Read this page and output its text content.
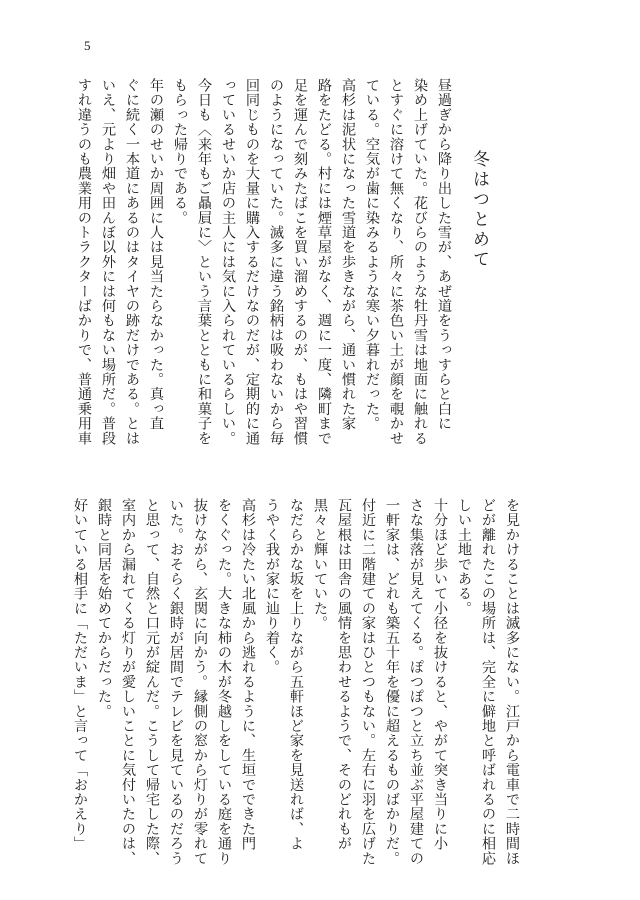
5
冬はつとめて

昼過ぎから降り出した雪が、あぜ道をうっすらと白に

染め上げていた。花びらのような牡丹雪は地面に触れる

とすぐに溶けて無くなり、所々に茶色い土が顔を覗かせ

ている。空気が歯に染みるような寒い夕暮れだった。

高杉は泥状になった雪道を歩きながら、通い慣れた家

路をたどる。村には煙草屋がなく、週に一度、隣町まで

足を運んで刻みたばこを買い溜めするのが、もはや習慣

のようになっていた。滅多に違う銘柄は吸わないから毎

回同じものを大量に購入するだけなのだが、定期的に通

っているせいか店の主人には気に入られているらしい。

今日も〈来年もご贔屓に〉という言葉とともに和菓子を

もらった帰りである。

年の瀬のせいか周囲に人は見当たらなかった。真っ直

ぐに続く一本道にあるのはタイヤの跡だけである。とは

いえ、元より畑や田んぼ以外には何もない場所だ。普段

すれ違うのも農業用のトラクターばかりで、普通乗用車

を見かけることは滅多にない。江戸から電車で二時間ほ

どが離れたこの場所は、完全に僻地と呼ばれるのに相応

しい土地である。

十分ほど歩いて小径を抜けると、やがて突き当りに小

さな集落が見えてくる。ぽつぽつと立ち並ぶ平屋建ての

一軒家は、どれも築五十年を優に超えるものばかりだ。

付近に二階建ての家はひとつもない。左右に羽を広げた

瓦屋根は田舎の風情を思わせるようで、そのどれもが

黒々と輝いていた。

なだらかな坂を上りながら五軒ほど家を見送れば、よ

うやく我が家に辿り着く。

高杉は冷たい北風から逃れるように、生垣でできた門

をくぐった。大きな柿の木が冬越しをしている庭を通り

抜けながら、玄関に向かう。縁側の窓から灯りが零れて

いた。おそらく銀時が居間でテレビを見ているのだろう

と思って、自然と口元が綻んだ。こうして帰宅した際、

室内から漏れてくる灯りが愛しいことに気付いたのは、

銀時と同居を始めてからだった。

好いている相手に「ただいま」と言って「おかえり」
